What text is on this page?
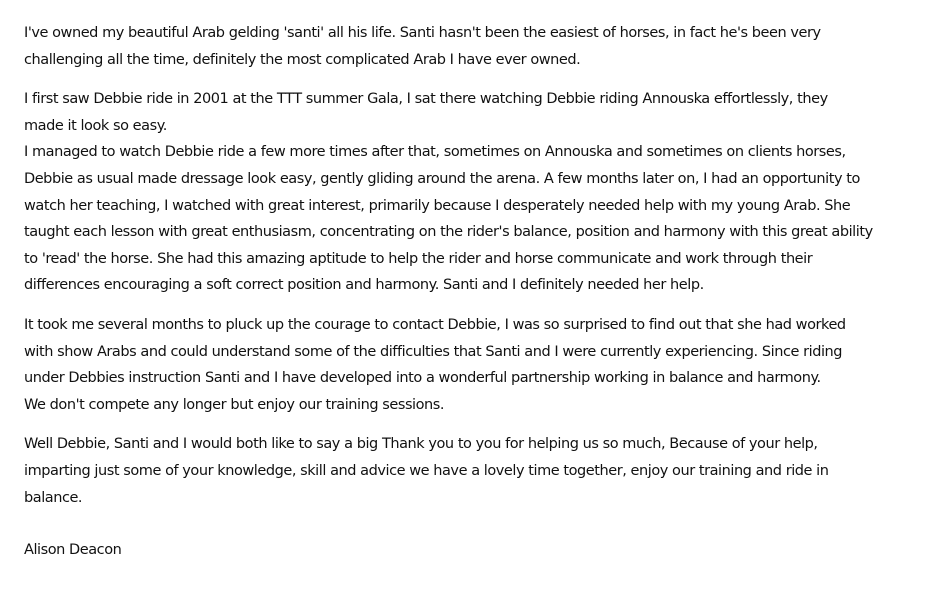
I've owned my beautiful Arab gelding 'santi' all his life. Santi hasn't been the easiest of horses, in fact he's been very
challenging all the time, definitely the most complicated Arab I have ever owned.

I first saw Debbie ride in 2001 at the TTT summer Gala, I sat there watching Debbie riding Annouska effortlessly, they
made it look so easy.

I managed to watch Debbie ride a few more times after that, sometimes on Annouska and sometimes on clients horses,
Debbie as usual made dressage look easy, gently gliding around the arena. A few months later on, I had an opportunity to
watch her teaching, I watched with great interest, primarily because I desperately needed help with my young Arab. She
taught each lesson with great enthusiasm, concentrating on the rider's balance, position and harmony with this great ability
to 'read' the horse. She had this amazing aptitude to help the rider and horse communicate and work through their
differences encouraging a soft correct position and harmony. Santi and I definitely needed her help.

It took me several months to pluck up the courage to contact Debbie, I was so surprised to find out that she had worked
with show Arabs and could understand some of the difficulties that Santi and I were currently experiencing. Since riding
under Debbies instruction Santi and I have developed into a wonderful partnership working in balance and harmony.
We don't compete any longer but enjoy our training sessions.

Well Debbie, Santi and I would both like to say a big Thank you to you for helping us so much, Because of your help,
imparting just some of your knowledge, skill and advice we have a lovely time together, enjoy our training and ride in
balance.

Alison Deacon
